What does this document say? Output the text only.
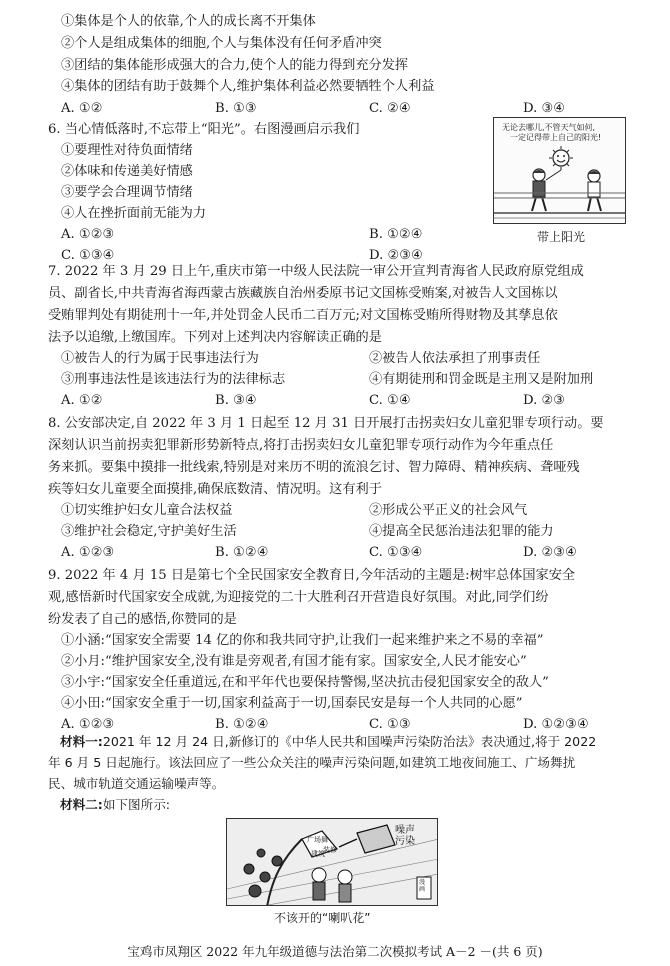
①集体是个人的依靠,个人的成长离不开集体
②个人是组成集体的细胞,个人与集体没有任何矛盾冲突
③团结的集体能形成强大的合力,使个人的能力得到充分发挥
④集体的团结有助于鼓舞个人,维护集体利益必然要牺牲个人利益
A. ①②	B. ①③	C. ②④	D. ③④
6. 当心情低落时,不忘带上“阳光”。右图漫画启示我们
①要理性对待负面情绪
②体味和传递美好情感
③要学会合理调节情绪
④人在挫折面前无能为力
A. ①②③	B. ①②④
C. ①③④	D. ②③④
无论去哪儿,不管天气如何,
一定记得带上自己的阳光!
带上阳光
7. 2022 年 3 月 29 日上午,重庆市第一中级人民法院一审公开宣判青海省人民政府原党组成
员、副省长,中共青海省海西蒙古族藏族自治州委原书记文国栋受贿案,对被告人文国栋以
受贿罪判处有期徒刑十一年,并处罚金人民币二百万元;对文国栋受贿所得财物及其孳息依
法予以追缴,上缴国库。下列对上述判决内容解读正确的是
①被告人的行为属于民事违法行为	②被告人依法承担了刑事责任
③刑事违法性是该违法行为的法律标志	④有期徒刑和罚金既是主刑又是附加刑
A. ①②	B. ③④	C. ①④	D. ②③
8. 公安部决定,自 2022 年 3 月 1 日起至 12 月 31 日开展打击拐卖妇女儿童犯罪专项行动。要
深刻认识当前拐卖犯罪新形势新特点,将打击拐卖妇女儿童犯罪专项行动作为今年重点任
务来抓。要集中摸排一批线索,特别是对来历不明的流浪乞讨、智力障碍、精神疾病、聋哑残
疾等妇女儿童要全面摸排,确保底数清、情况明。这有利于
①切实维护妇女儿童合法权益	②形成公平正义的社会风气
③维护社会稳定,守护美好生活	④提高全民惩治违法犯罪的能力
A. ①②③	B. ①②④	C. ①③④	D. ②③④
9. 2022 年 4 月 15 日是第七个全民国家安全教育日,今年活动的主题是:树牢总体国家安全
观,感悟新时代国家安全成就,为迎接党的二十大胜利召开营造良好氛围。对此,同学们纷
纷发表了自己的感悟,你赞同的是
①小涵:“国家安全需要 14 亿的你和我共同守护,让我们一起来维护来之不易的幸福”
②小月:“维护国家安全,没有谁是旁观者,有国才能有家。国家安全,人民才能安心”
③小宇:“国家安全任重道远,在和平年代也要保持警惕,坚决抗击侵犯国家安全的敌人”
④小田:“国家安全重于一切,国家利益高于一切,国泰民安是每一个人共同的心愿”
A. ①②③	B. ①②④	C. ①③	D. ①②③④
材料一:2021 年 12 月 24 日,新修订的《中华人民共和国噪声污染防治法》表决通过,将于 2022
年 6 月 5 日起施行。该法回应了一些公众关注的噪声污染问题,如建筑工地夜间施工、广场舞扰
民、城市轨道交通运输噪声等。
材料二:如下图所示:
噪声污染
广场舞
装修
建筑
漫画
不该开的“喇叭花”
宝鸡市凤翔区 2022 年九年级道德与法治第二次模拟考试 A－2 －(共 6 页)
